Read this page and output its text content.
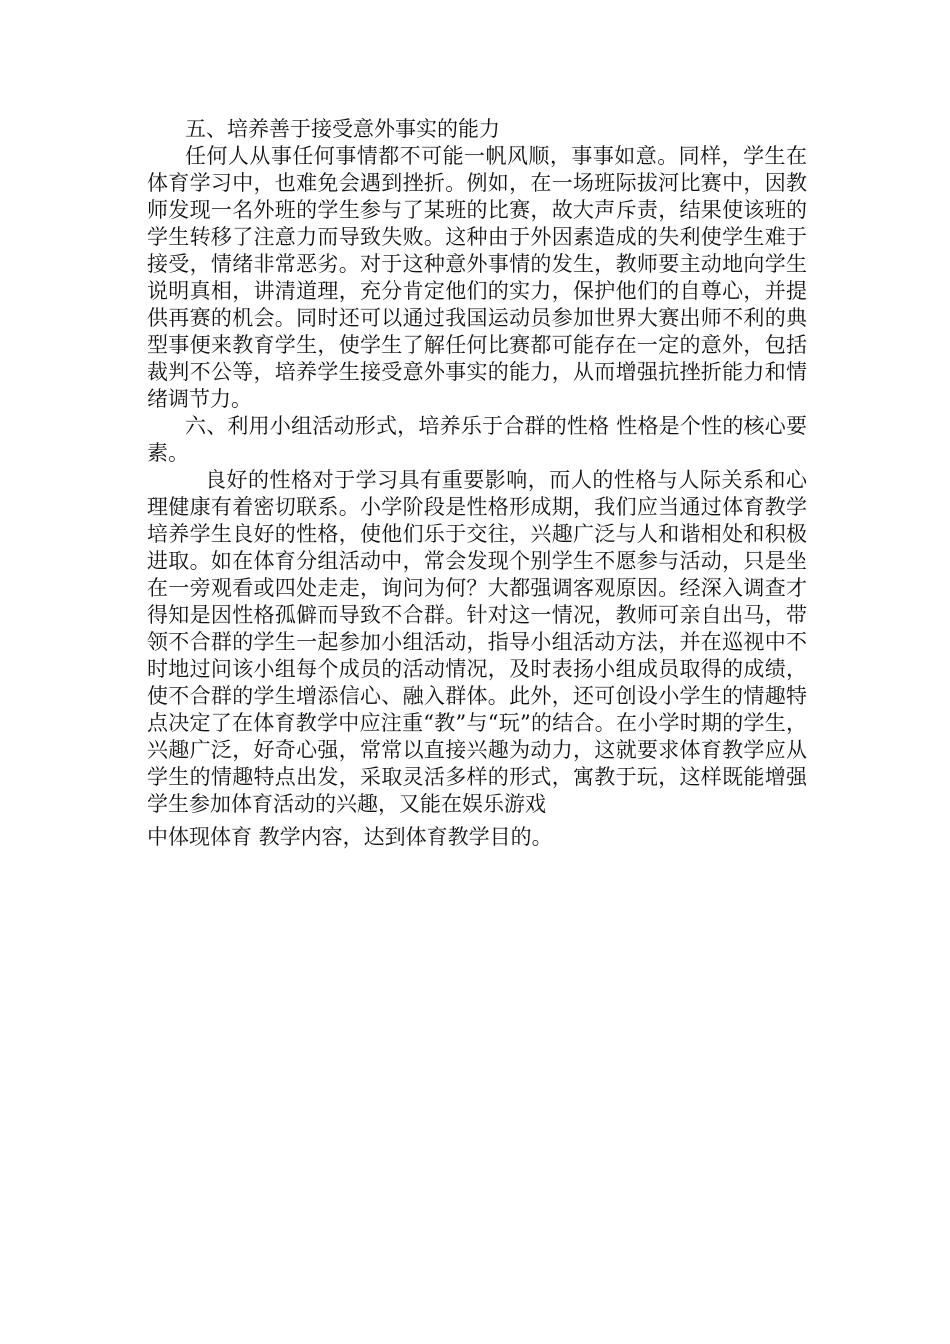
五、培养善于接受意外事实的能力

任何人从事任何事情都不可能一帆风顺，事事如意。同样，学生在体育学习中，也难免会遇到挫折。例如，在一场班际拔河比赛中，因教师发现一名外班的学生参与了某班的比赛，故大声斥责，结果使该班的学生转移了注意力而导致失败。这种由于外因素造成的失利使学生难于接受，情绪非常恶劣。对于这种意外事情的发生，教师要主动地向学生说明真相，讲清道理，充分肯定他们的实力，保护他们的自尊心，并提供再赛的机会。同时还可以通过我国运动员参加世界大赛出师不利的典型事便来教育学生，使学生了解任何比赛都可能存在一定的意外，包括裁判不公等，培养学生接受意外事实的能力，从而增强抗挫折能力和情绪调节力。

六、利用小组活动形式，培养乐于合群的性格 性格是个性的核心要素。

良好的性格对于学习具有重要影响，而人的性格与人际关系和心理健康有着密切联系。小学阶段是性格形成期，我们应当通过体育教学培养学生良好的性格，使他们乐于交往，兴趣广泛与人和谐相处和积极进取。如在体育分组活动中，常会发现个别学生不愿参与活动，只是坐在一旁观看或四处走走，询问为何？大都强调客观原因。经深入调查才得知是因性格孤僻而导致不合群。针对这一情况，教师可亲自出马，带领不合群的学生一起参加小组活动，指导小组活动方法，并在巡视中不时地过问该小组每个成员的活动情况，及时表扬小组成员取得的成绩，使不合群的学生增添信心、融入群体。此外，还可创设小学生的情趣特点决定了在体育教学中应注重“教”与“玩”的结合。在小学时期的学生，兴趣广泛，好奇心强，常常以直接兴趣为动力，这就要求体育教学应从学生的情趣特点出发，采取灵活多样的形式，寓教于玩，这样既能增强学生参加体育活动的兴趣，又能在娱乐游戏

中体现体育 教学内容，达到体育教学目的。
